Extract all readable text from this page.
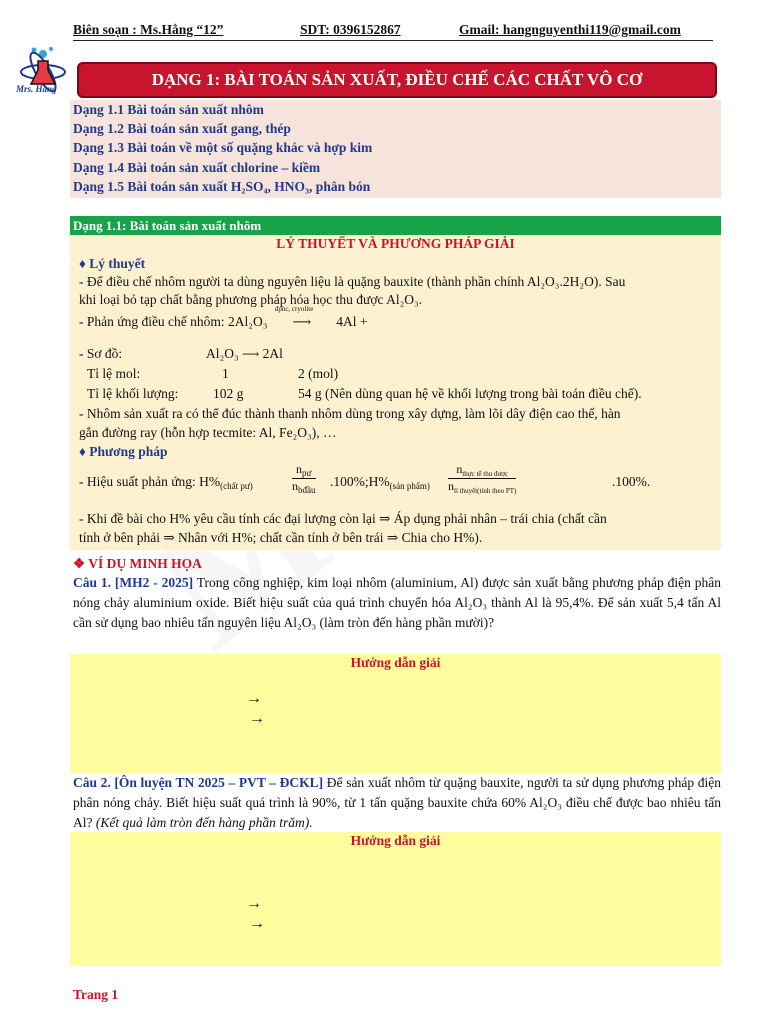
Biên soạn : Ms.Hằng “12”	SDT: 0396152867	Gmail: hangnguyenthi119@gmail.com
Mrs. Hằng	DẠNG 1: BÀI TOÁN SẢN XUẤT, ĐIỀU CHẾ CÁC CHẤT VÔ CƠ
Dạng 1.1 Bài toán sản xuất nhôm
Dạng 1.2 Bài toán sản xuất gang, thép
Dạng 1.3 Bài toán về một số quặng khác và hợp kim
Dạng 1.4 Bài toán sản xuất chlorine – kiềm
Dạng 1.5 Bài toán sản xuất H₂SO₄, HNO₃, phân bón
Dạng 1.1: Bài toán sản xuất nhôm
LÝ THUYẾT VÀ PHƯƠNG PHÁP GIẢI
♦ Lý thuyết
- Để điều chế nhôm người ta dùng nguyên liệu là quặng bauxite (thành phần chính Al₂O₃.2H₂O). Sau
khi loại bỏ tạp chất bằng phương pháp hóa học thu được Al₂O₃.
- Phản ứng điều chế nhôm: 2Al₂O₃
đpnc, cryolite
⟶ 4Al +
- Sơ đồ:	Al₂O₃ ⟶ 2Al
Tỉ lệ mol:	1	2 (mol)
Tỉ lệ khối lượng:	102 g	54 g (Nên dùng quan hệ về khối lượng trong bài toán điều chế).
- Nhôm sản xuất ra có thể đúc thành thanh nhôm dùng trong xây dựng, làm lõi dây điện cao thế, hàn
gắn đường ray (hỗn hợp tecmite: Al, Fe₂O₃), …
♦ Phương pháp
- Hiệu suất phản ứng: $H\%_{(chất pư)}$
$n_{pư}$
$n_{bđầu}$
$.100\%;H\%_{(sản phẩm)}$
$n_{thực tế thu được}$
$n_{lí thuyết(tính theo PT)}$
.100%.
- Khi đề bài cho H% yêu cầu tính các đại lượng còn lại ⇒ Áp dụng phải nhân – trái chia (chất cần
tính ở bên phải ⇒ Nhân với H%; chất cần tính ở bên trái ⇒ Chia cho H%).
❖ VÍ DỤ MINH HỌA
Câu 1. [MH2 - 2025] Trong công nghiệp, kim loại nhôm (aluminium, Al) được sản xuất bằng phương pháp điện phân nóng chảy aluminium oxide. Biết hiệu suất của quá trình chuyển hóa Al₂O₃ thành Al là 95,4%. Để sản xuất 5,4 tấn Al cần sử dụng bao nhiêu tấn nguyên liệu Al₂O₃ (làm tròn đến hàng phần mười)?
Hướng dẫn giải
→
→
Câu 2. [Ôn luyện TN 2025 – PVT – ĐCKL] Để sản xuất nhôm từ quặng bauxite, người ta sử dụng phương pháp điện phân nóng chảy. Biết hiệu suất quá trình là 90%, từ 1 tấn quặng bauxite chứa 60% Al₂O₃ điều chế được bao nhiêu tấn Al? (Kết quả làm tròn đến hàng phần trăm).
Hướng dẫn giải
→
→
Trang 1
